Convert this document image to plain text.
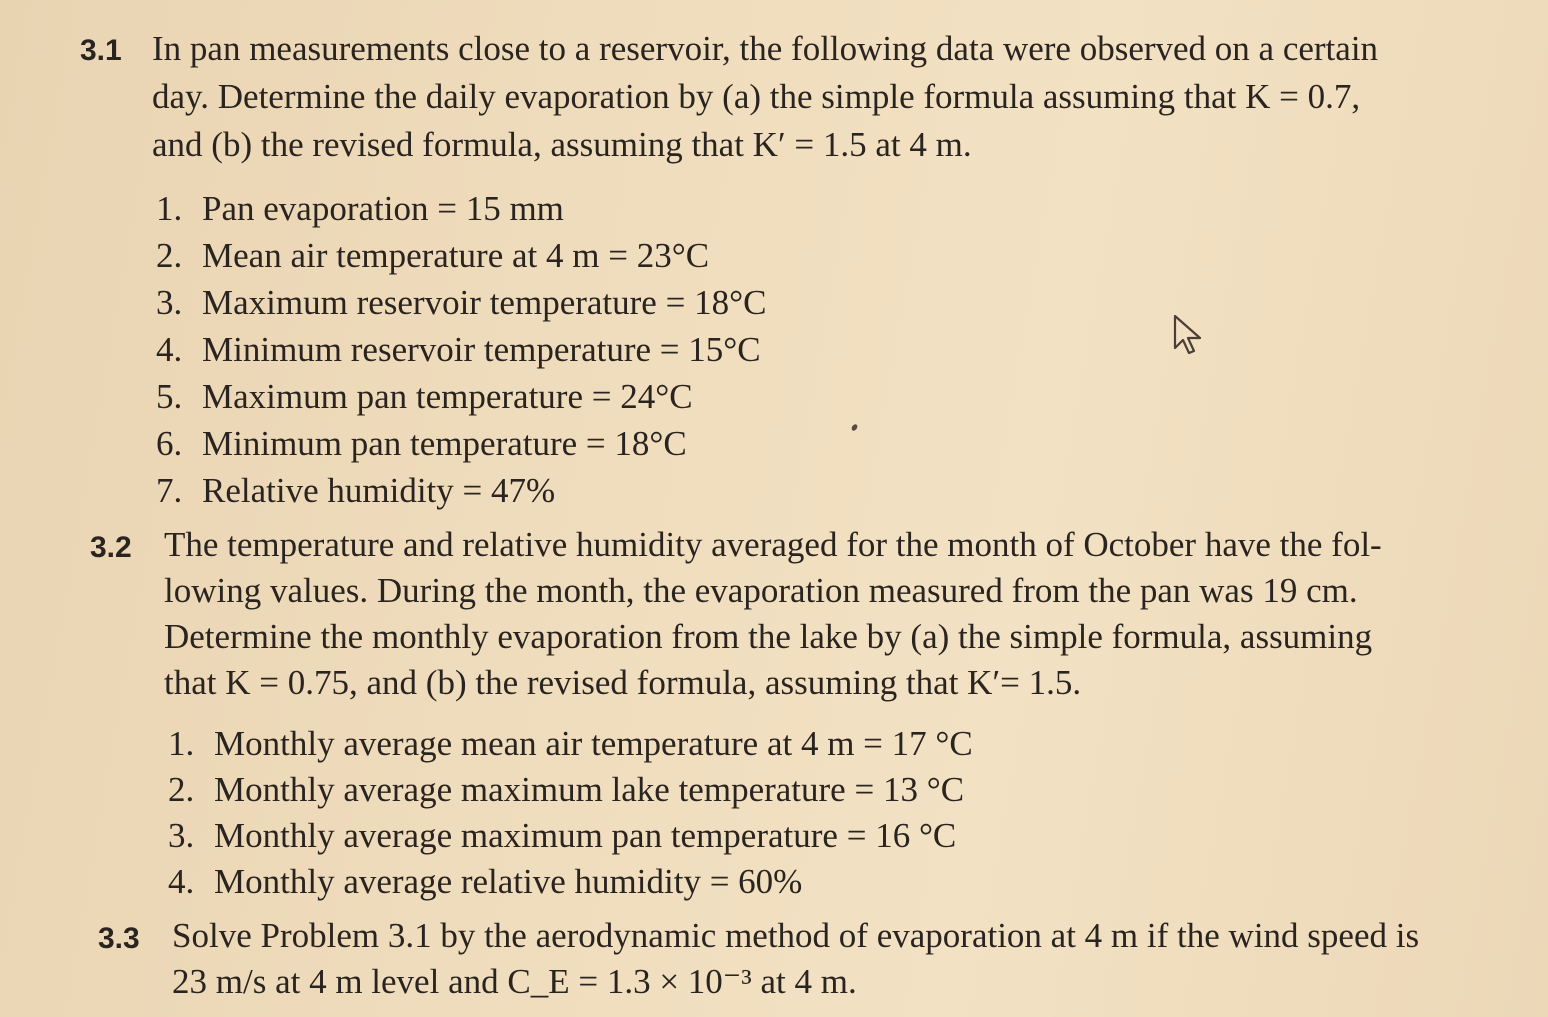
3.1 In pan measurements close to a reservoir, the following data were observed on a certain
day. Determine the daily evaporation by (a) the simple formula assuming that K = 0.7,
and (b) the revised formula, assuming that K′ = 1.5 at 4 m.
1. Pan evaporation = 15 mm
2. Mean air temperature at 4 m = 23°C
3. Maximum reservoir temperature = 18°C
4. Minimum reservoir temperature = 15°C
5. Maximum pan temperature = 24°C
6. Minimum pan temperature = 18°C
7. Relative humidity = 47%
3.2 The temperature and relative humidity averaged for the month of October have the fol-
lowing values. During the month, the evaporation measured from the pan was 19 cm.
Determine the monthly evaporation from the lake by (a) the simple formula, assuming
that K = 0.75, and (b) the revised formula, assuming that K′= 1.5.
1. Monthly average mean air temperature at 4 m = 17 °C
2. Monthly average maximum lake temperature = 13 °C
3. Monthly average maximum pan temperature = 16 °C
4. Monthly average relative humidity = 60%
3.3 Solve Problem 3.1 by the aerodynamic method of evaporation at 4 m if the wind speed is
23 m/s at 4 m level and C_E = 1.3 × 10⁻³ at 4 m.
